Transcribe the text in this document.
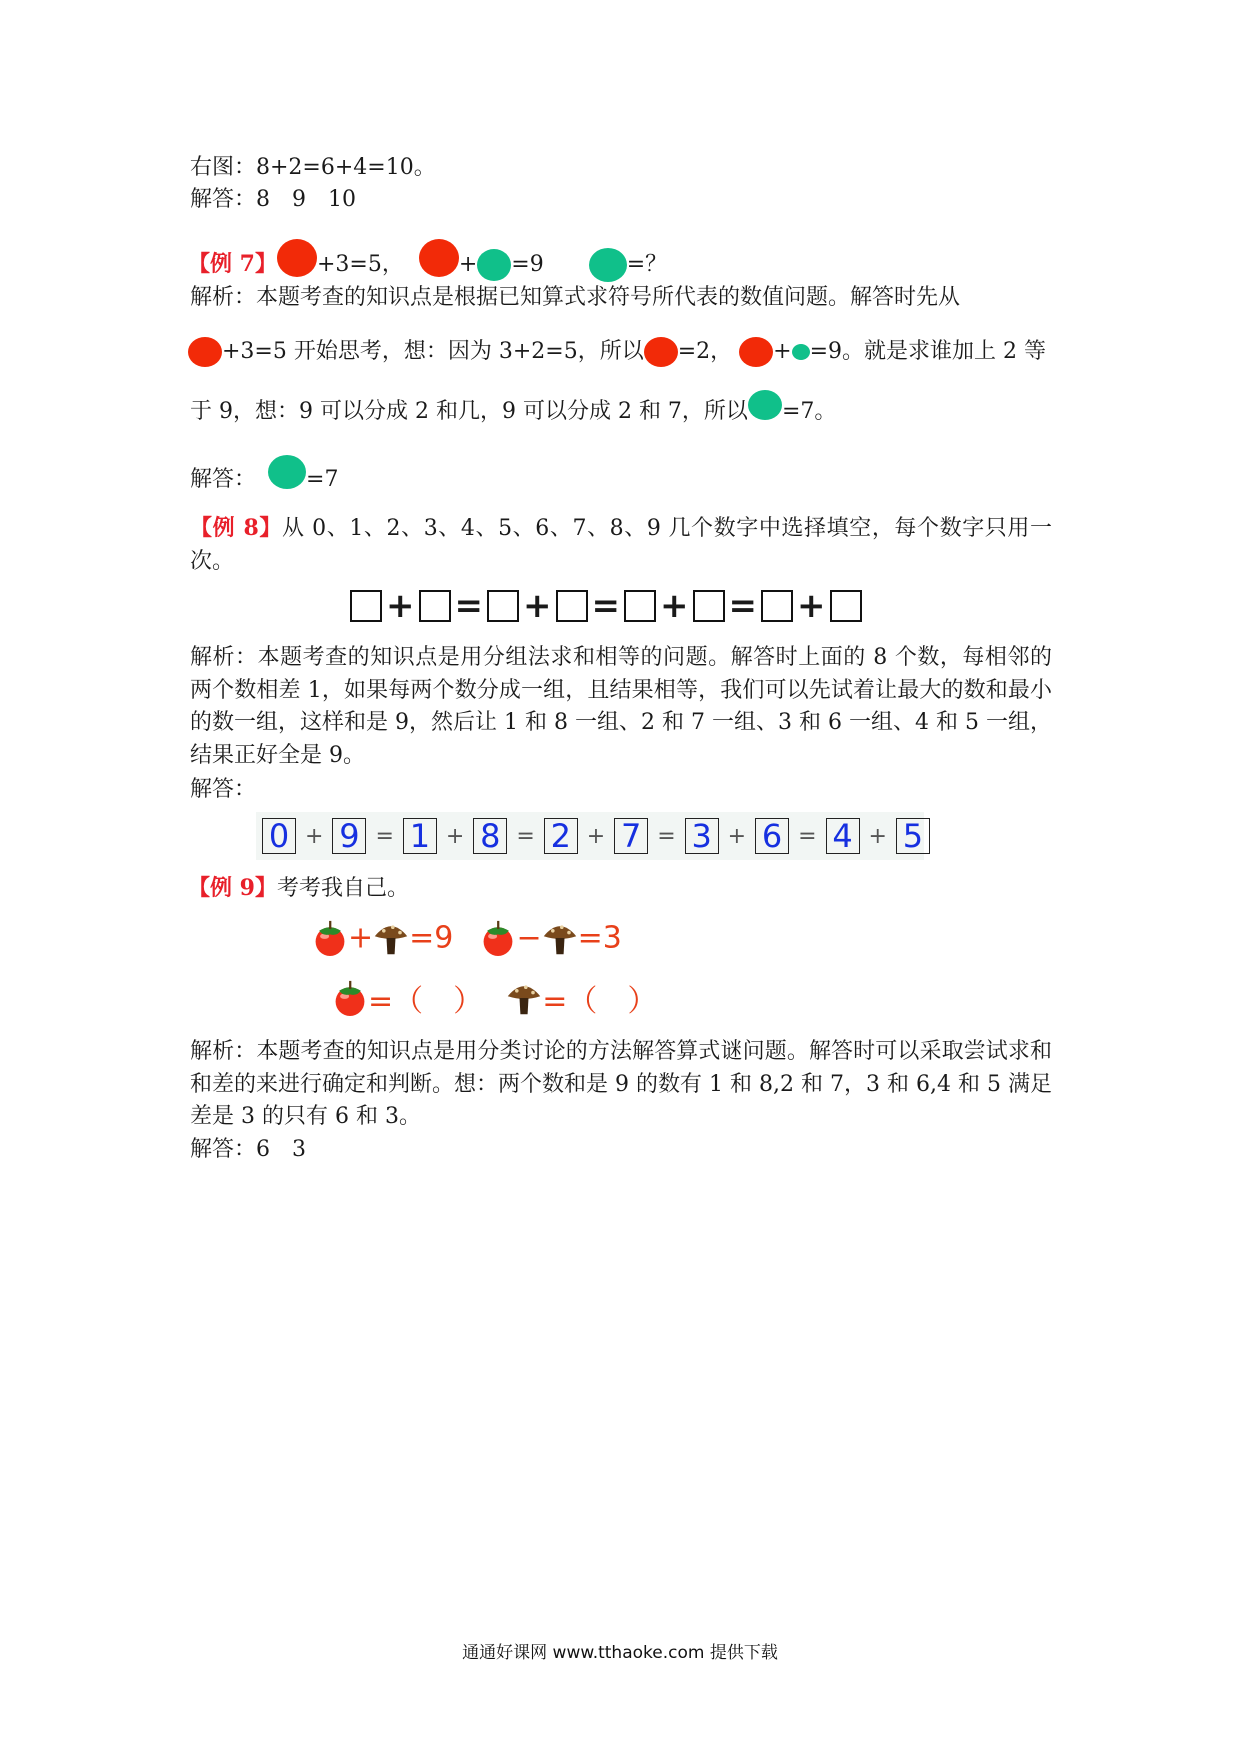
右图：8+2=6+4=10。
解答：8　9　10
【例 7】 +3=5，	+ =9	=？
解析：本题考查的知识点是根据已知算式求符号所代表的数值问题。解答时先从
+3=5 开始思考，想：因为 3+2=5，所以 =2， + =9。就是求谁加上 2 等
于 9，想：9 可以分成 2 和几，9 可以分成 2 和 7，所以 =7。
解答： =7
【例 8】从 0、1、2、3、4、5、6、7、8、9 几个数字中选择填空，每个数字只用一次。
+ = + = + = +
解析：本题考查的知识点是用分组法求和相等的问题。解答时上面的 8 个数，每相邻的两个数相差 1，如果每两个数分成一组，且结果相等，我们可以先试着让最大的数和最小的数一组，这样和是 9，然后让 1 和 8 一组、2 和 7 一组、3 和 6 一组、4 和 5 一组，结果正好全是 9。
解答：
0 + 9 = 1 + 8 = 2 + 7 = 3 + 6 = 4 + 5
【例 9】考考我自己。
+ =9 − =3
=（　） =（　）
解析：本题考查的知识点是用分类讨论的方法解答算式谜问题。解答时可以采取尝试求和和差的来进行确定和判断。想：两个数和是 9 的数有 1 和 8,2 和 7，3 和 6,4 和 5 满足差是 3 的只有 6 和 3。
解答：6　3
通通好课网 www.tthaoke.com 提供下载
